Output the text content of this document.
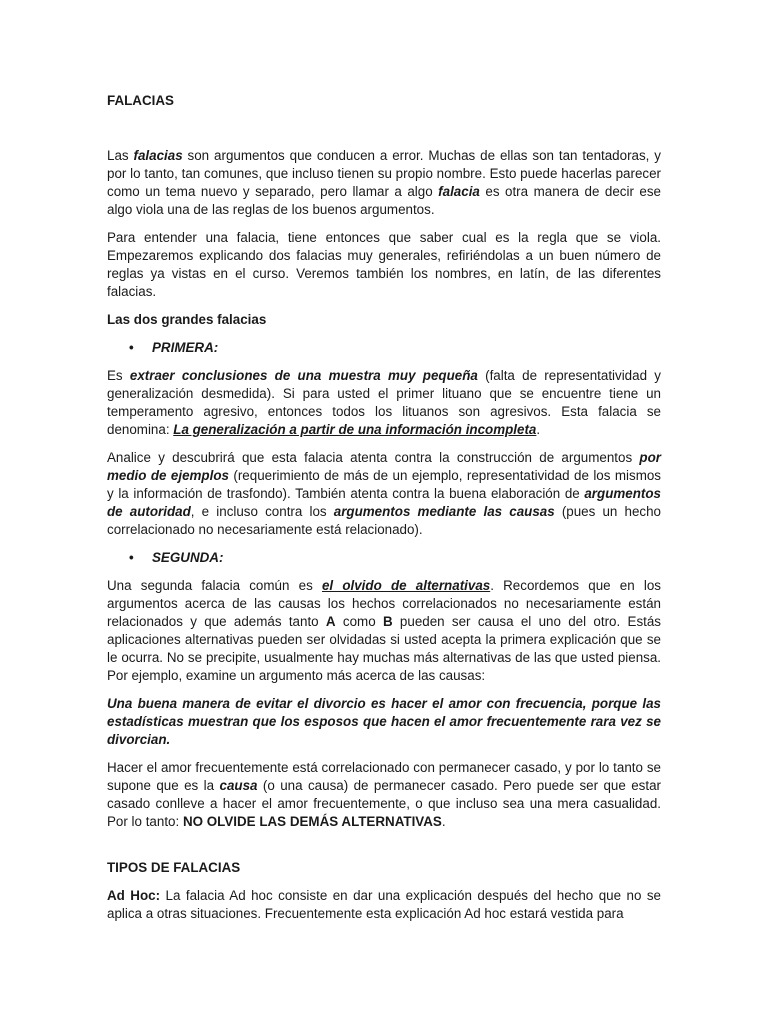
FALACIAS

Las falacias son argumentos que conducen a error. Muchas de ellas son tan tentadoras, y por lo tanto, tan comunes, que incluso tienen su propio nombre. Esto puede hacerlas parecer como un tema nuevo y separado, pero llamar a algo falacia es otra manera de decir ese algo viola una de las reglas de los buenos argumentos.

Para entender una falacia, tiene entonces que saber cual es la regla que se viola. Empezaremos explicando dos falacias muy generales, refiriéndolas a un buen número de reglas ya vistas en el curso. Veremos también los nombres, en latín, de las diferentes falacias.

Las dos grandes falacias

• PRIMERA:

Es extraer conclusiones de una muestra muy pequeña (falta de representatividad y generalización desmedida). Si para usted el primer lituano que se encuentre tiene un temperamento agresivo, entonces todos los lituanos son agresivos. Esta falacia se denomina: La generalización a partir de una información incompleta.

Analice y descubrirá que esta falacia atenta contra la construcción de argumentos por medio de ejemplos (requerimiento de más de un ejemplo, representatividad de los mismos y la información de trasfondo). También atenta contra la buena elaboración de argumentos de autoridad, e incluso contra los argumentos mediante las causas (pues un hecho correlacionado no necesariamente está relacionado).

• SEGUNDA:

Una segunda falacia común es el olvido de alternativas. Recordemos que en los argumentos acerca de las causas los hechos correlacionados no necesariamente están relacionados y que además tanto A como B pueden ser causa el uno del otro. Estás aplicaciones alternativas pueden ser olvidadas si usted acepta la primera explicación que se le ocurra. No se precipite, usualmente hay muchas más alternativas de las que usted piensa. Por ejemplo, examine un argumento más acerca de las causas:

Una buena manera de evitar el divorcio es hacer el amor con frecuencia, porque las estadísticas muestran que los esposos que hacen el amor frecuentemente rara vez se divorcian.

Hacer el amor frecuentemente está correlacionado con permanecer casado, y por lo tanto se supone que es la causa (o una causa) de permanecer casado. Pero puede ser que estar casado conlleve a hacer el amor frecuentemente, o que incluso sea una mera casualidad. Por lo tanto: NO OLVIDE LAS DEMÁS ALTERNATIVAS.

TIPOS DE FALACIAS

Ad Hoc: La falacia Ad hoc consiste en dar una explicación después del hecho que no se aplica a otras situaciones. Frecuentemente esta explicación Ad hoc estará vestida para
